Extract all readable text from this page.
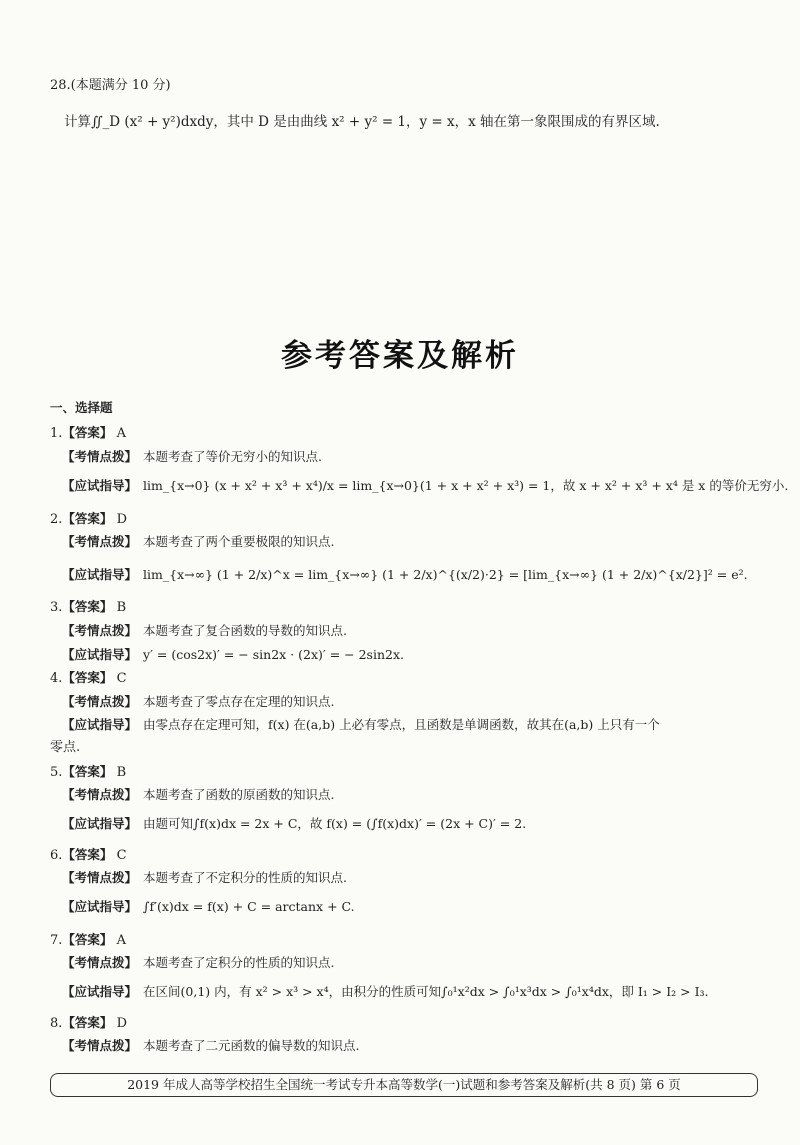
28.(本题满分 10 分)
计算∬_D (x² + y²)dxdy，其中 D 是由曲线 x² + y² = 1，y = x，x 轴在第一象限围成的有界区域.
参考答案及解析
一、选择题
1.【答案】 A
【考情点拨】 本题考查了等价无穷小的知识点.
【应试指导】 lim_{x→0} (x + x² + x³ + x⁴)/x = lim_{x→0}(1 + x + x² + x³) = 1，故 x + x² + x³ + x⁴ 是 x 的等价无穷小.
2.【答案】 D
【考情点拨】 本题考查了两个重要极限的知识点.
【应试指导】 lim_{x→∞} (1 + 2/x)^x = lim_{x→∞} (1 + 2/x)^{(x/2)·2} = [lim_{x→∞} (1 + 2/x)^{x/2}]² = e².
3.【答案】 B
【考情点拨】 本题考查了复合函数的导数的知识点.
【应试指导】 y′ = (cos2x)′ = − sin2x · (2x)′ = − 2sin2x.
4.【答案】 C
【考情点拨】 本题考查了零点存在定理的知识点.
【应试指导】 由零点存在定理可知，f(x) 在(a,b) 上必有零点，且函数是单调函数，故其在(a,b) 上只有一个
零点.
5.【答案】 B
【考情点拨】 本题考查了函数的原函数的知识点.
【应试指导】 由题可知∫f(x)dx = 2x + C，故 f(x) = (∫f(x)dx)′ = (2x + C)′ = 2.
6.【答案】 C
【考情点拨】 本题考查了不定积分的性质的知识点.
【应试指导】 ∫f′(x)dx = f(x) + C = arctanx + C.
7.【答案】 A
【考情点拨】 本题考查了定积分的性质的知识点.
【应试指导】 在区间(0,1) 内，有 x² > x³ > x⁴，由积分的性质可知∫₀¹x²dx > ∫₀¹x³dx > ∫₀¹x⁴dx，即 I₁ > I₂ > I₃.
8.【答案】 D
【考情点拨】 本题考查了二元函数的偏导数的知识点.
2019 年成人高等学校招生全国统一考试专升本高等数学(一)试题和参考答案及解析(共 8 页) 第 6 页
